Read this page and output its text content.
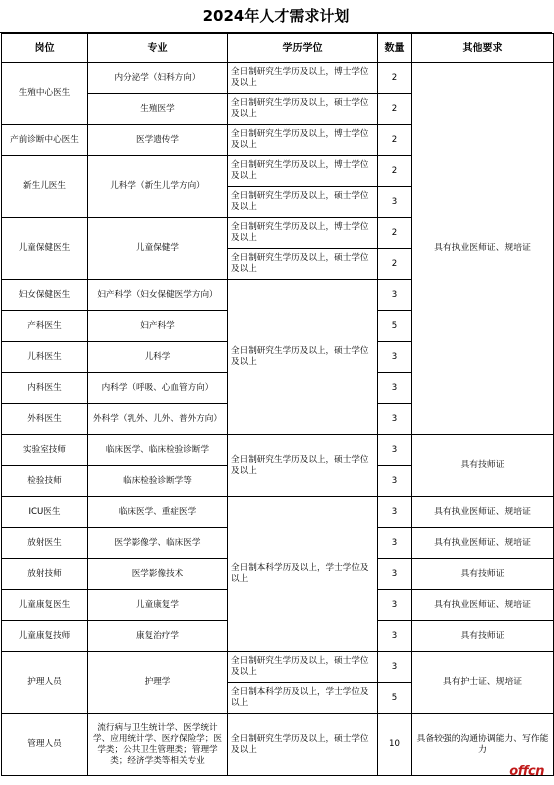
2024年人才需求计划
岗位	专业	学历学位	数量	其他要求
生殖中心医生	内分泌学（妇科方向）	全日制研究生学历及以上，博士学位及以上	2	具有执业医师证、规培证
	生殖医学	全日制研究生学历及以上，硕士学位及以上	2	
产前诊断中心医生	医学遗传学	全日制研究生学历及以上，博士学位及以上	2	
新生儿医生	儿科学（新生儿学方向）	全日制研究生学历及以上，博士学位及以上	2	
		全日制研究生学历及以上，硕士学位及以上	3	
儿童保健医生	儿童保健学	全日制研究生学历及以上，博士学位及以上	2	
		全日制研究生学历及以上，硕士学位及以上	2	
妇女保健医生	妇产科学（妇女保健医学方向）	全日制研究生学历及以上，硕士学位及以上	3	
产科医生	妇产科学		5	
儿科医生	儿科学		3	
内科医生	内科学（呼吸、心血管方向）		3	
外科医生	外科学（乳外、儿外、普外方向）		3	
实验室技师	临床医学、临床检验诊断学	全日制研究生学历及以上，硕士学位及以上	3	具有技师证
检验技师	临床检验诊断学等		3	
ICU医生	临床医学、重症医学	全日制本科学历及以上，学士学位及以上	3	具有执业医师证、规培证
放射医生	医学影像学、临床医学		3	具有执业医师证、规培证
放射技师	医学影像技术		3	具有技师证
儿童康复医生	儿童康复学		3	具有执业医师证、规培证
儿童康复技师	康复治疗学		3	具有技师证
护理人员	护理学	全日制研究生学历及以上，硕士学位及以上	3	具有护士证、规培证
		全日制本科学历及以上，学士学位及以上	5	
管理人员	流行病与卫生统计学、医学统计学、应用统计学、医疗保险学；医学类；公共卫生管理类；管理学类；经济学类等相关专业	全日制研究生学历及以上，硕士学位及以上	10	具备较强的沟通协调能力、写作能力
offcn
